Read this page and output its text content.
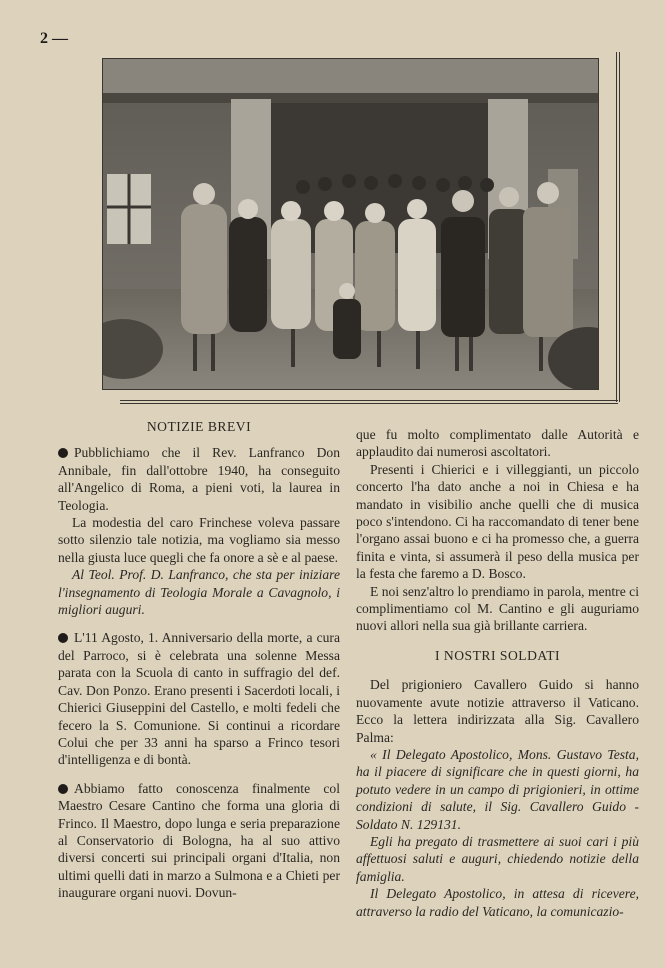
2 —
NOTIZIE BREVI

Pubblichiamo che il Rev. Lanfranco Don Annibale, fin dall'ottobre 1940, ha conseguito all'Angelico di Roma, a pieni voti, la laurea in Teologia.

La modestia del caro Frinchese voleva passare sotto silenzio tale notizia, ma vogliamo sia messo nella giusta luce quegli che fa onore a sè e al paese.

Al Teol. Prof. D. Lanfranco, che sta per iniziare l'insegnamento di Teologia Morale a Cavagnolo, i migliori auguri.

L'11 Agosto, 1. Anniversario della morte, a cura del Parroco, si è celebrata una solenne Messa parata con la Scuola di canto in suffragio del def. Cav. Don Ponzo. Erano presenti i Sacerdoti locali, i Chierici Giuseppini del Castello, e molti fedeli che fecero la S. Comunione. Si continui a ricordare Colui che per 33 anni ha sparso a Frinco tesori d'intelligenza e di bontà.

Abbiamo fatto conoscenza finalmente col Maestro Cesare Cantino che forma una gloria di Frinco. Il Maestro, dopo lunga e seria preparazione al Conservatorio di Bologna, ha al suo attivo diversi concerti sui principali organi d'Italia, non ultimi quelli dati in marzo a Sulmona e a Chieti per inaugurare organi nuovi. Dovun-

que fu molto complimentato dalle Autorità e applaudito dai numerosi ascoltatori.

Presenti i Chierici e i villeggianti, un piccolo concerto l'ha dato anche a noi in Chiesa e ha mandato in visibilio anche quelli che di musica poco s'intendono. Ci ha raccomandato di tener bene l'organo assai buono e ci ha promesso che, a guerra finita e vinta, si assumerà il peso della musica per la festa che faremo a D. Bosco.

E noi senz'altro lo prendiamo in parola, mentre ci complimentiamo col M. Cantino e gli auguriamo nuovi allori nella sua già brillante carriera.

I NOSTRI SOLDATI

Del prigioniero Cavallero Guido si hanno nuovamente avute notizie attraverso il Vaticano. Ecco la lettera indirizzata alla Sig. Cavallero Palma:

« Il Delegato Apostolico, Mons. Gustavo Testa, ha il piacere di significare che in questi giorni, ha potuto vedere in un campo di prigionieri, in ottime condizioni di salute, il Sig. Cavallero Guido - Soldato N. 129131.

Egli ha pregato di trasmettere ai suoi cari i più affettuosi saluti e auguri, chiedendo notizie della famiglia.

Il Delegato Apostolico, in attesa di ricevere, attraverso la radio del Vaticano, la comunicazio-
